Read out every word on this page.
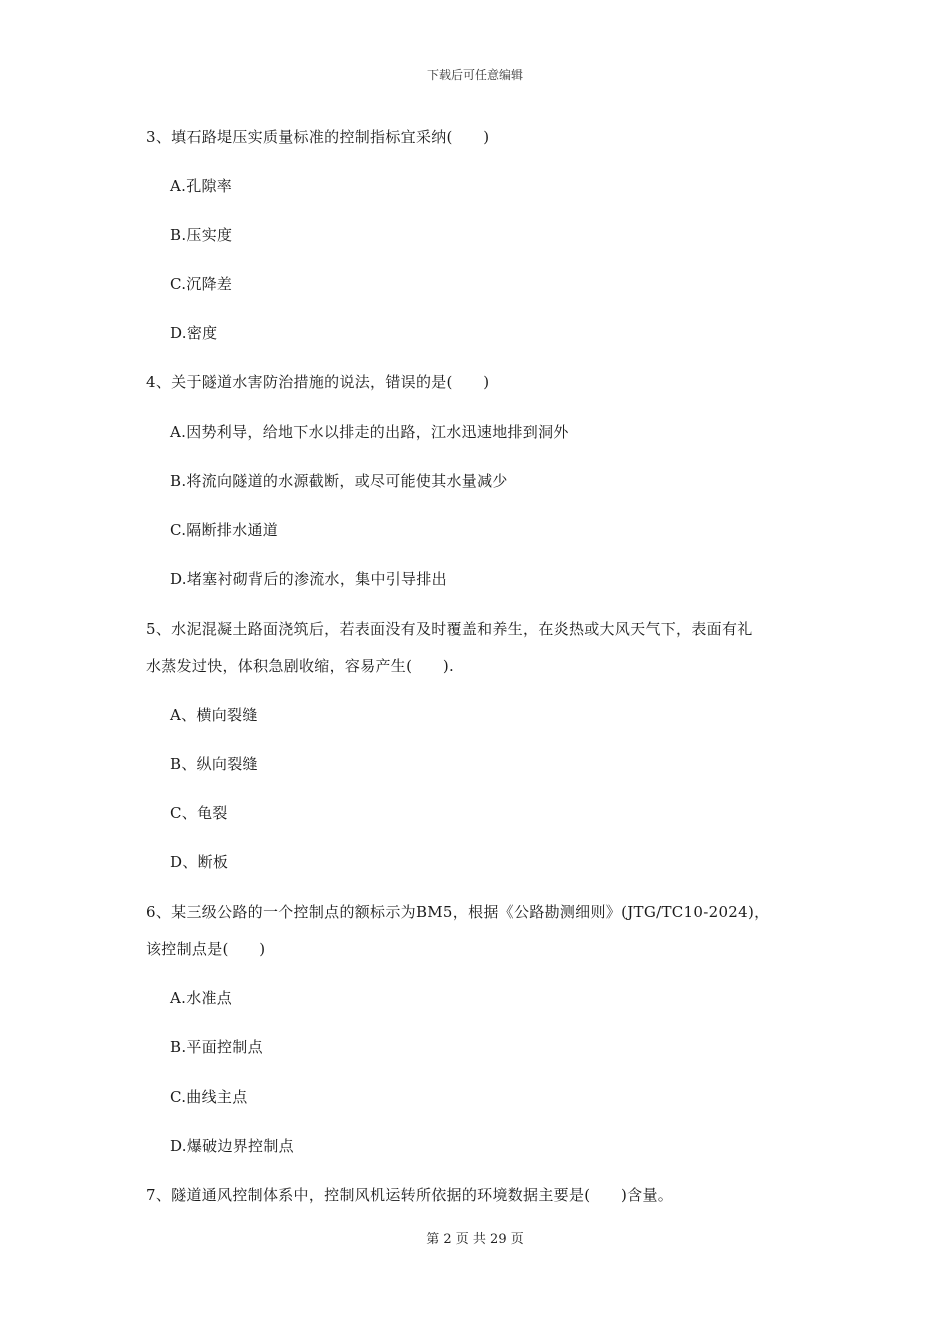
下载后可任意编辑
3、填石路堤压实质量标准的控制指标宜采纳(　　)
A.孔隙率
B.压实度
C.沉降差
D.密度
4、关于隧道水害防治措施的说法，错误的是(　　)
A.因势利导，给地下水以排走的出路，江水迅速地排到洞外
B.将流向隧道的水源截断，或尽可能使其水量减少
C.隔断排水通道
D.堵塞衬砌背后的渗流水，集中引导排出
5、水泥混凝土路面浇筑后，若表面没有及时覆盖和养生，在炎热或大风天气下，表面有礼
水蒸发过快，体积急剧收缩，容易产生(　　).
A、横向裂缝
B、纵向裂缝
C、龟裂
D、断板
6、某三级公路的一个控制点的额标示为BM5，根据《公路勘测细则》(JTG/TC10-2024)，
该控制点是(　　)
A.水准点
B.平面控制点
C.曲线主点
D.爆破边界控制点
7、隧道通风控制体系中，控制风机运转所依据的环境数据主要是(　　)含量。
第 2 页 共 29 页
